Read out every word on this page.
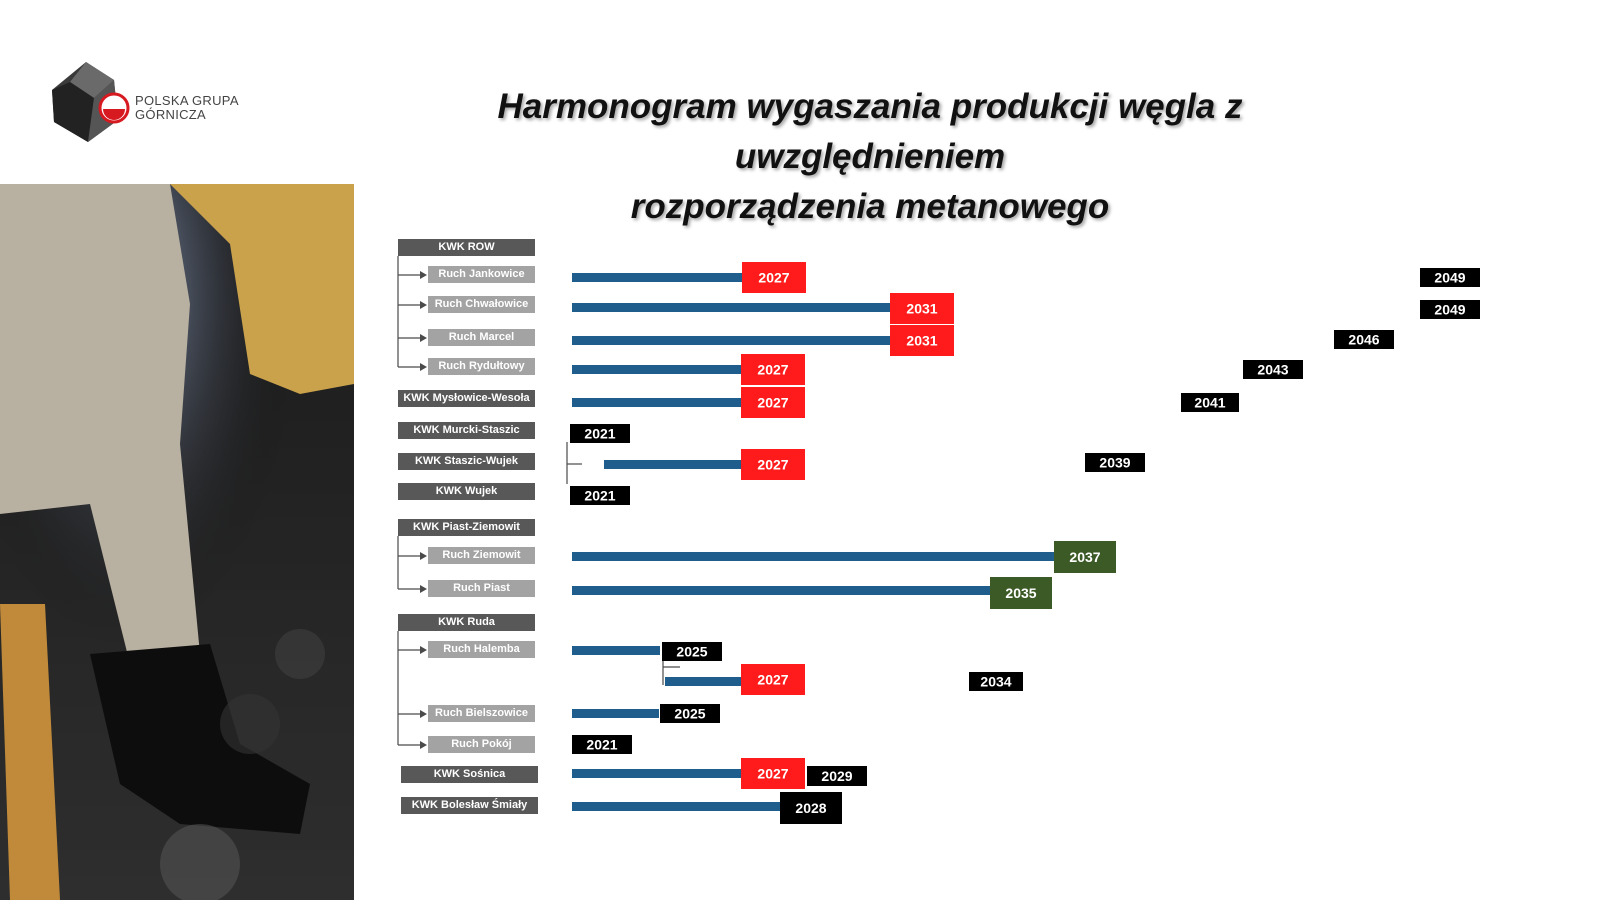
POLSKA GRUPA
GÓRNICZA	Harmonogram wygaszania produkcji węgla z uwzględnieniem
rozporządzenia metanowego
2027
2031
2031
2027
2027
2021
2027
2021
2037
2035
2025
2027
2025
2021
2027 2029
2028
2049
2049
2046
2043
2041
2039
2034
KWK ROW
Ruch Jankowice
Ruch Chwałowice
Ruch Marcel
Ruch Rydułtowy
KWK Mysłowice-Wesoła
KWK Murcki-Staszic
KWK Staszic-Wujek
KWK Wujek
KWK Piast-Ziemowit
Ruch Ziemowit
Ruch Piast
KWK Ruda
Ruch Halemba
Ruch Bielszowice
Ruch Pokój
KWK Sośnica
KWK Bolesław Śmiały
